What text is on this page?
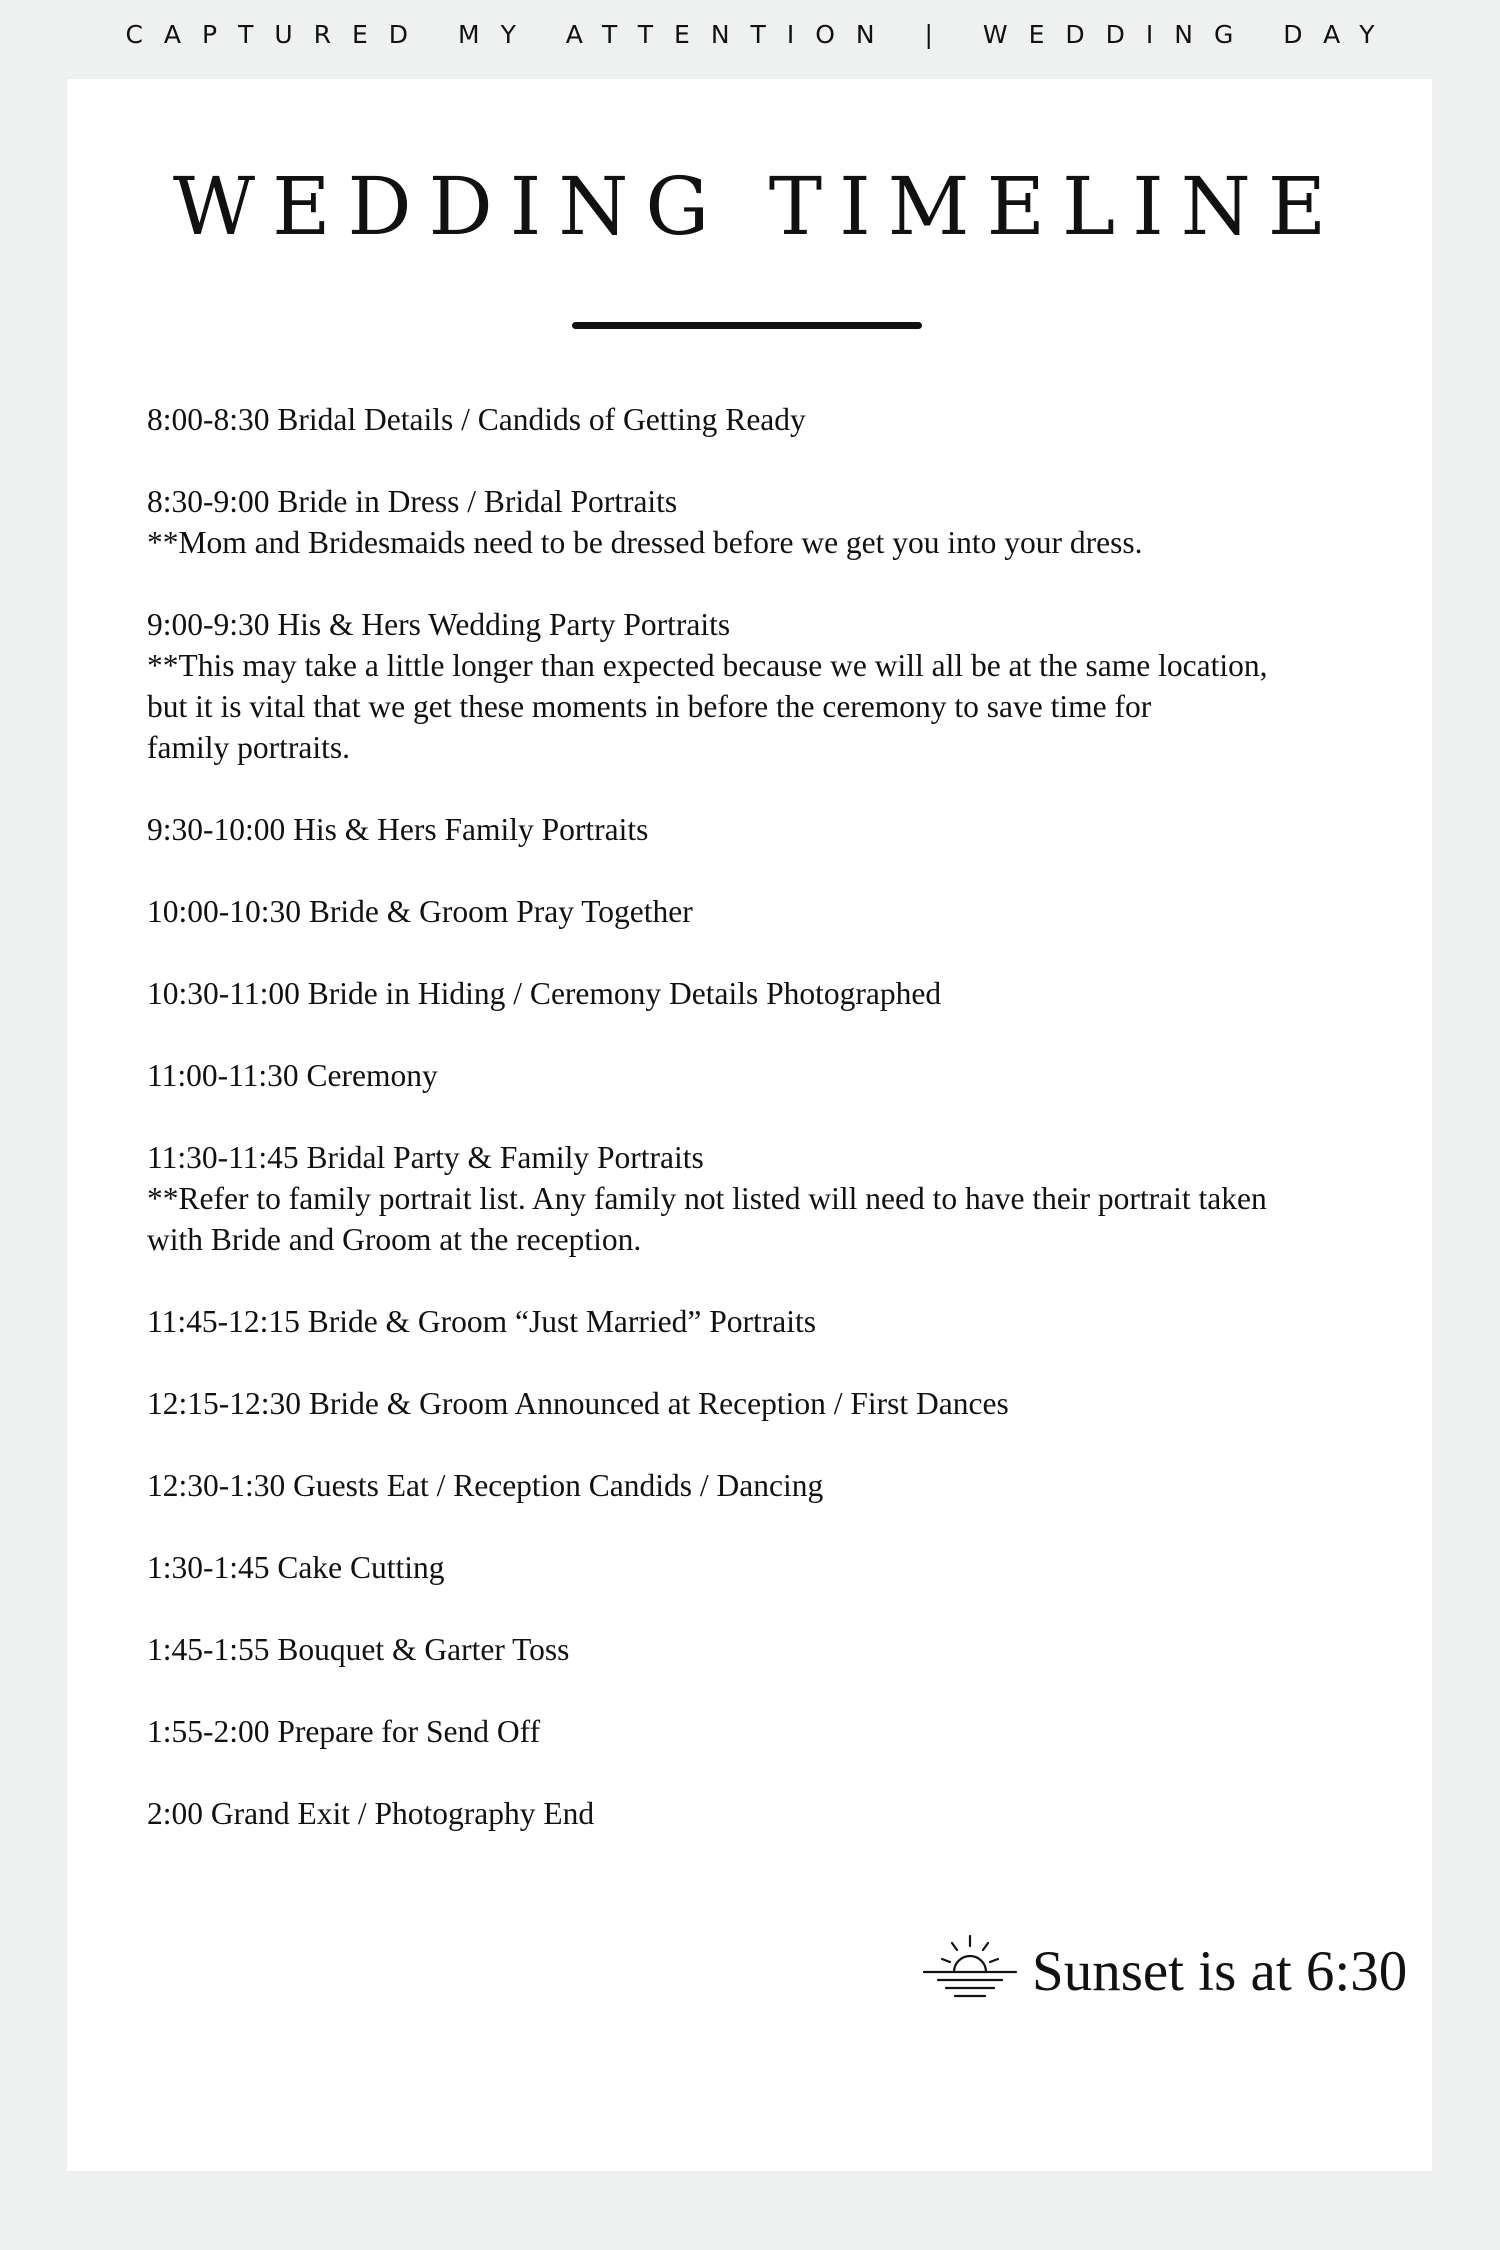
CAPTURED MY ATTENTION | WEDDING DAY
WEDDING TIMELINE
8:00-8:30 Bridal Details / Candids of Getting Ready
8:30-9:00 Bride in Dress / Bridal Portraits
**Mom and Bridesmaids need to be dressed before we get you into your dress.
9:00-9:30 His & Hers Wedding Party Portraits
**This may take a little longer than expected because we will all be at the same location,
but it is vital that we get these moments in before the ceremony to save time for
family portraits.
9:30-10:00 His & Hers Family Portraits
10:00-10:30 Bride & Groom Pray Together
10:30-11:00 Bride in Hiding / Ceremony Details Photographed
11:00-11:30 Ceremony
11:30-11:45 Bridal Party & Family Portraits
**Refer to family portrait list. Any family not listed will need to have their portrait taken
with Bride and Groom at the reception.
11:45-12:15 Bride & Groom “Just Married” Portraits
12:15-12:30 Bride & Groom Announced at Reception / First Dances
12:30-1:30 Guests Eat / Reception Candids / Dancing
1:30-1:45 Cake Cutting
1:45-1:55 Bouquet & Garter Toss
1:55-2:00 Prepare for Send Off
2:00 Grand Exit / Photography End
Sunset is at 6:30
